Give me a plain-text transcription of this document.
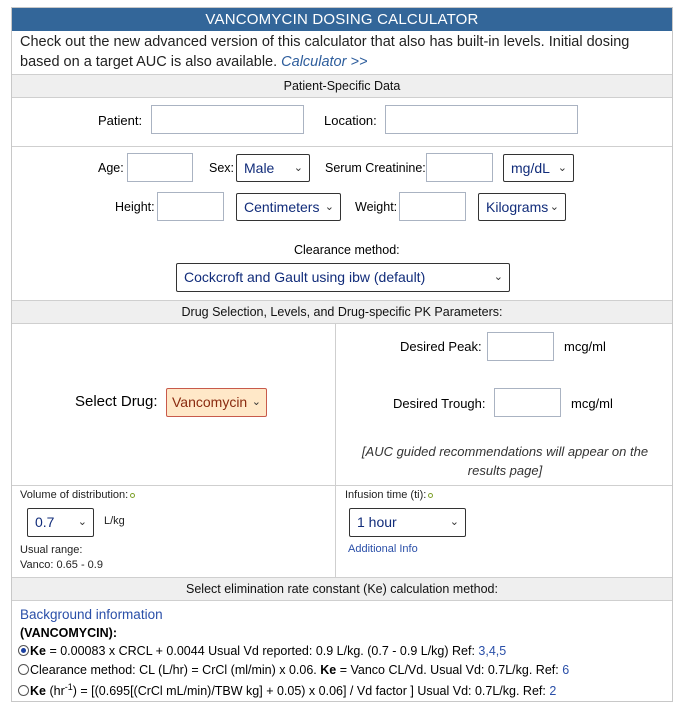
VANCOMYCIN DOSING CALCULATOR
Check out the new advanced version of this calculator that also has built-in levels. Initial dosing based on a target AUC is also available. Calculator >>
Patient-Specific Data
Patient:	Location:
Age:	Sex: Male ⌄ Serum Creatinine:	mg/dL ⌄
Height:	Centimeters ⌄ Weight:	Kilograms ⌄
Clearance method:
Cockcroft and Gault using ibw (default)	⌄
Drug Selection, Levels, and Drug-specific PK Parameters:
Select Drug:	Vancomycin ⌄
Desired Peak:	mcg/ml
Desired Trough:	mcg/ml
[AUC guided recommendations will appear on the results page]
Volume of distribution:
0.7 ⌄ L/kg
Usual range:
Vanco: 0.65 - 0.9
Infusion time (ti):
1 hour	⌄
Additional Info
Select elimination rate constant (Ke) calculation method:
Background information
(VANCOMYCIN):
Ke = 0.00083 x CRCL + 0.0044 Usual Vd reported: 0.9 L/kg. (0.7 - 0.9 L/kg) Ref: 3,4,5
Clearance method: CL (L/hr) = CrCl (ml/min) x 0.06. Ke = Vanco CL/Vd. Usual Vd: 0.7L/kg. Ref: 6
Ke $(hr^{-1})$ = [(0.695[(CrCl mL/min)/TBW kg] + 0.05) x 0.06] / Vd factor ] Usual Vd: 0.7L/kg. Ref: 2
